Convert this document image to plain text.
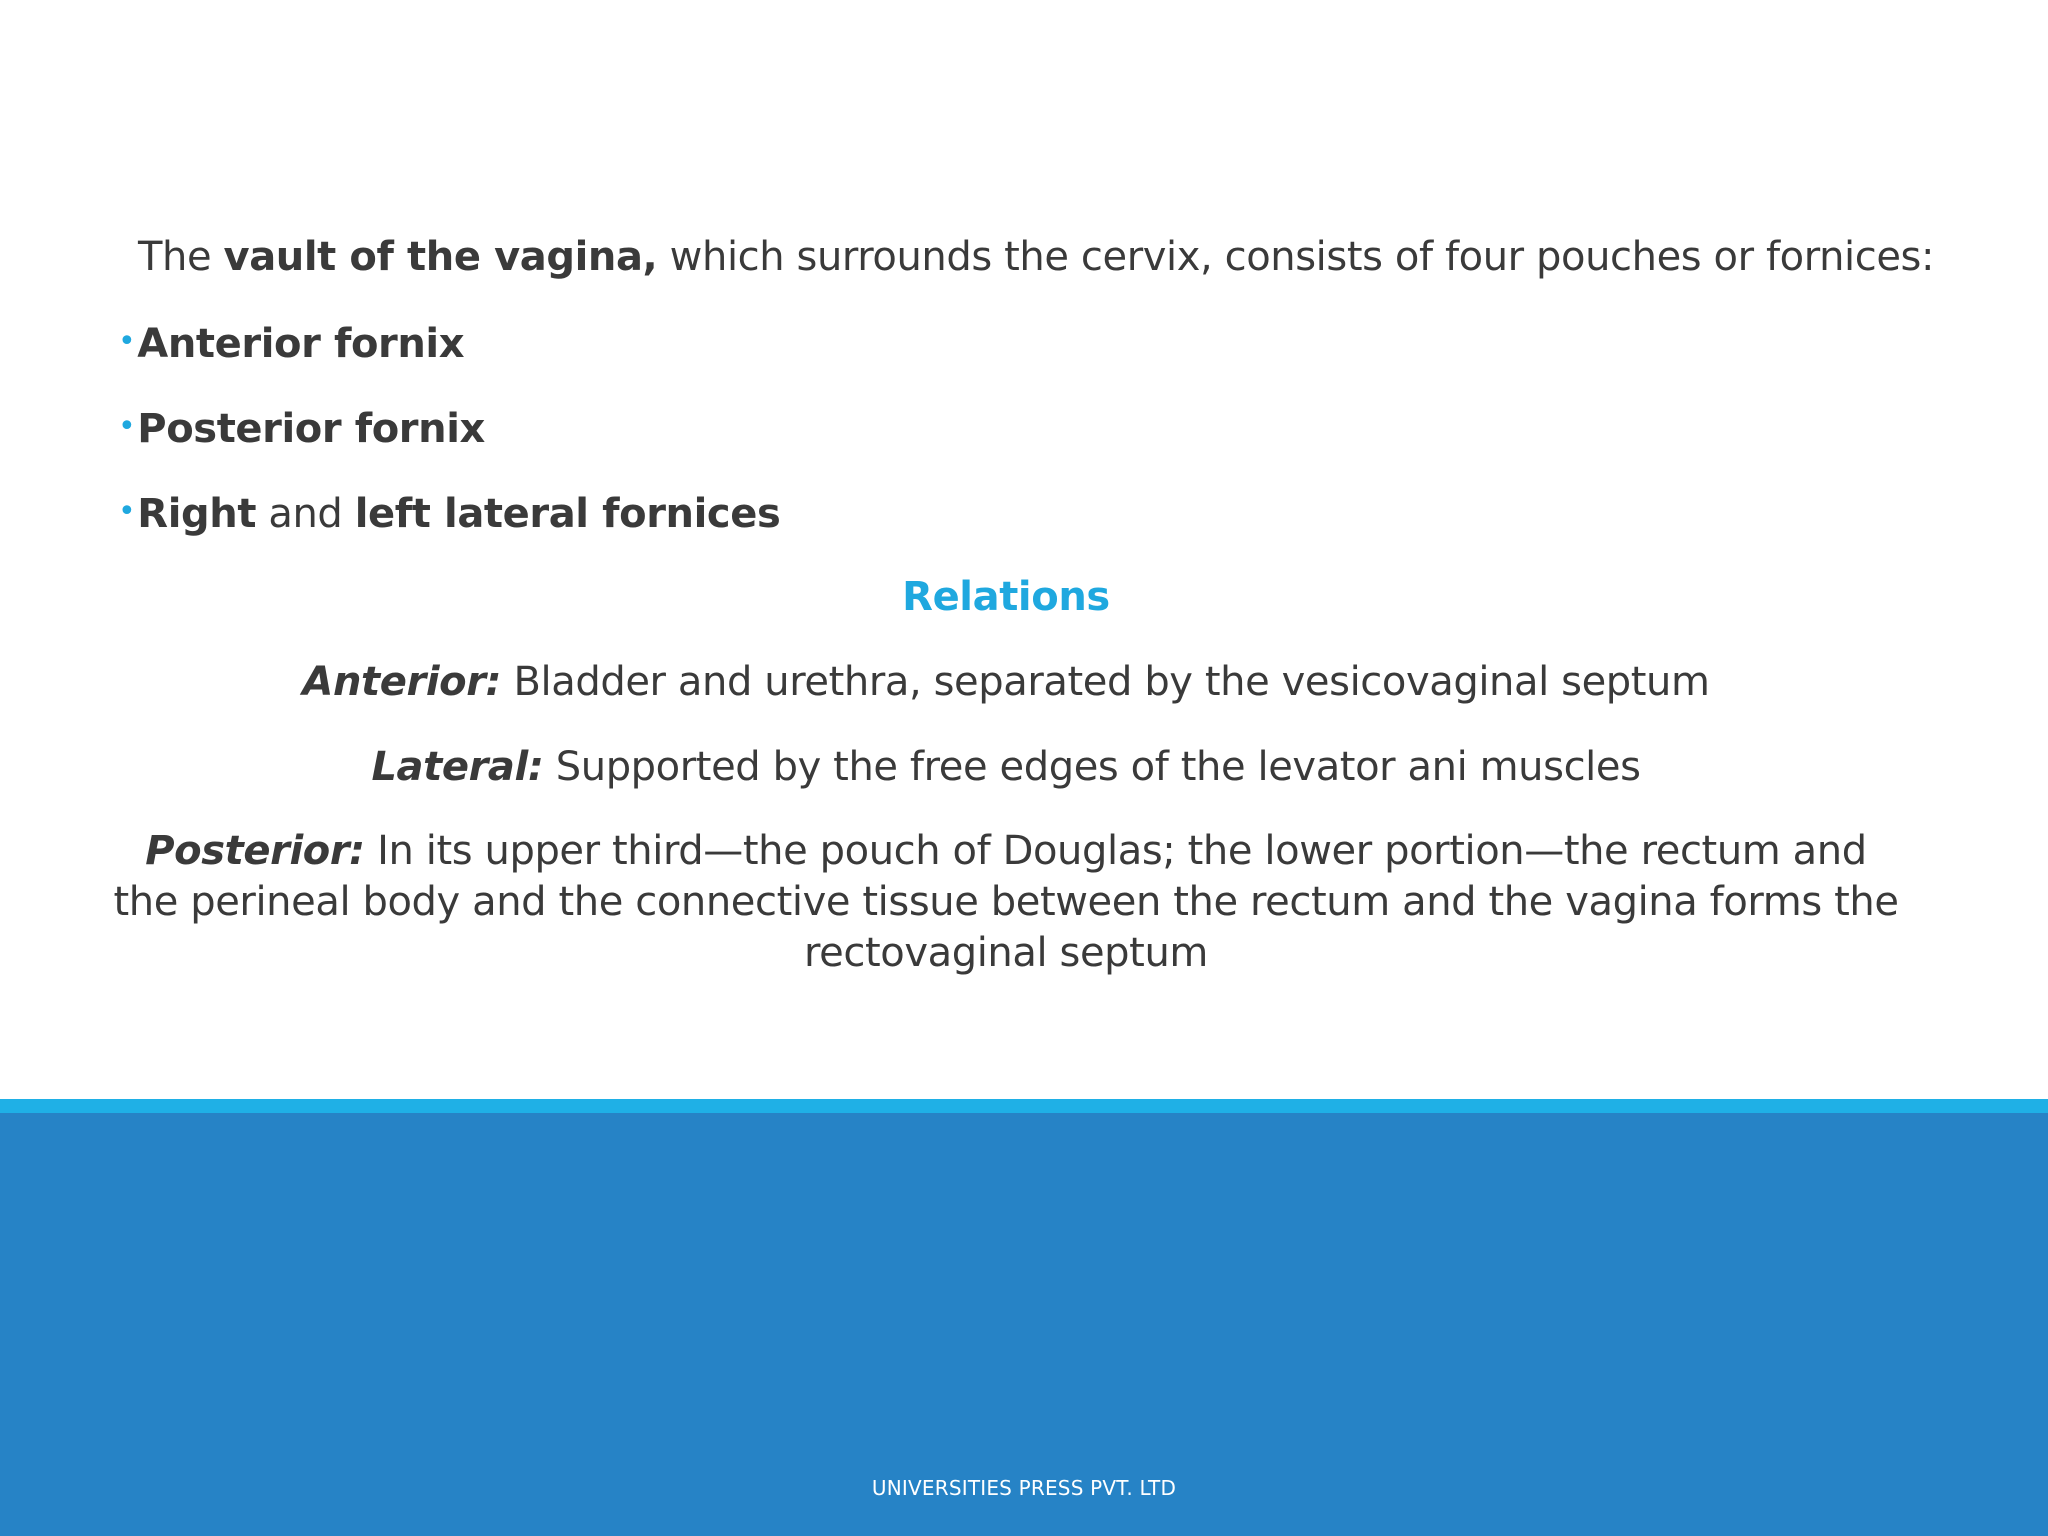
The vault of the vagina, which surrounds the cervix, consists of four pouches or fornices:
•Anterior fornix
•Posterior fornix
•Right and left lateral fornices
Relations
Anterior: Bladder and urethra, separated by the vesicovaginal septum
Lateral: Supported by the free edges of the levator ani muscles
Posterior: In its upper third—the pouch of Douglas; the lower portion—the rectum and the perineal body and the connective tissue between the rectum and the vagina forms the rectovaginal septum
UNIVERSITIES PRESS PVT. LTD
